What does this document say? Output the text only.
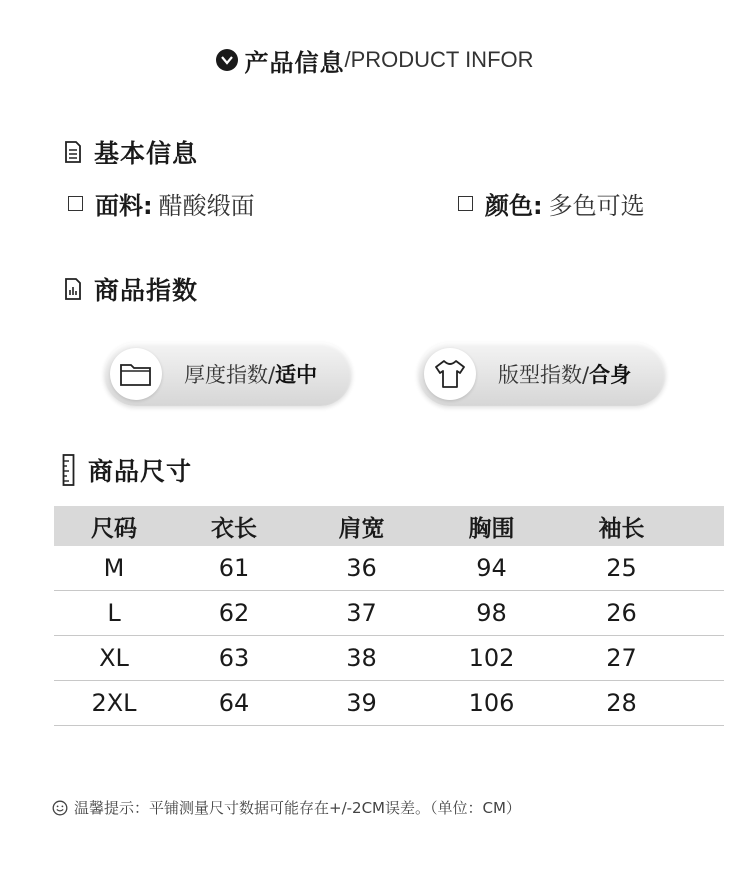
产品信息 /PRODUCT INFOR
基本信息
面料: 醋酸缎面	颜色: 多色可选
商品指数
厚度指数/适中	版型指数/合身
商品尺寸
尺码	衣长	肩宽	胸围	袖长
M	61	36	94	25
L	62	37	98	26
XL	63	38	102	27
2XL	64	39	106	28
温馨提示：平铺测量尺寸数据可能存在+/-2CM误差。（单位：CM）
